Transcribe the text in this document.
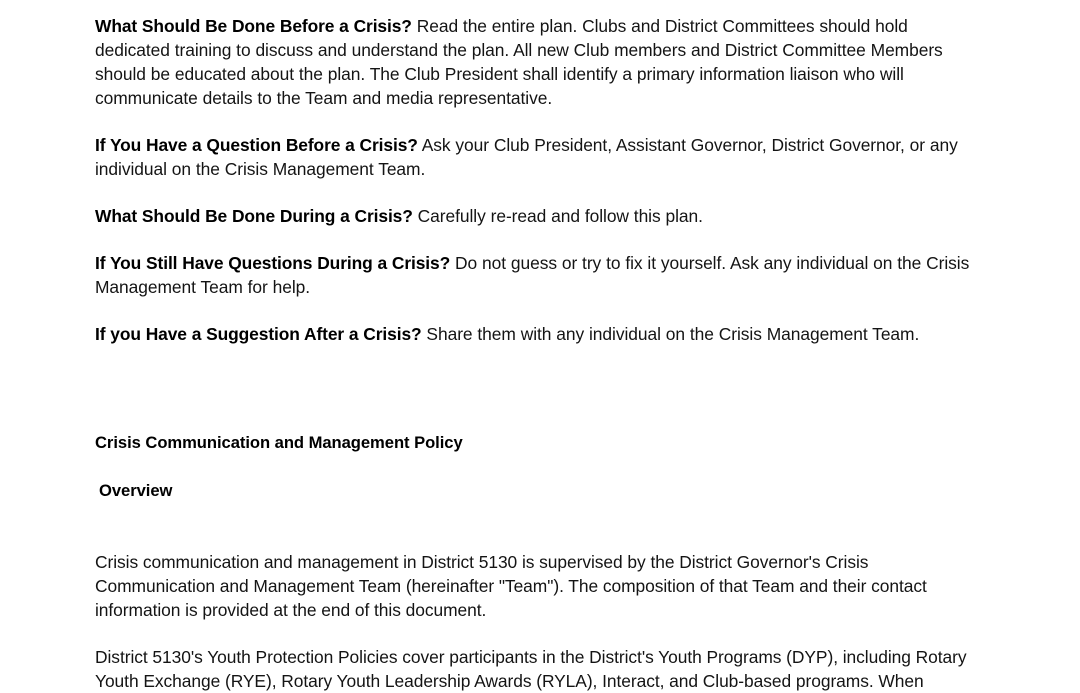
What Should Be Done Before a Crisis? Read the entire plan. Clubs and District Committees should hold dedicated training to discuss and understand the plan. All new Club members and District Committee Members should be educated about the plan. The Club President shall identify a primary information liaison who will communicate details to the Team and media representative.

If You Have a Question Before a Crisis? Ask your Club President, Assistant Governor, District Governor, or any individual on the Crisis Management Team.

What Should Be Done During a Crisis? Carefully re-read and follow this plan.

If You Still Have Questions During a Crisis? Do not guess or try to fix it yourself. Ask any individual on the Crisis Management Team for help.

If you Have a Suggestion After a Crisis? Share them with any individual on the Crisis Management Team.

Crisis Communication and Management Policy
Overview

Crisis communication and management in District 5130 is supervised by the District Governor's Crisis Communication and Management Team (hereinafter "Team"). The composition of that Team and their contact information is provided at the end of this document.

District 5130's Youth Protection Policies cover participants in the District's Youth Programs (DYP), including Rotary Youth Exchange (RYE), Rotary Youth Leadership Awards (RYLA), Interact, and Club-based programs. When
